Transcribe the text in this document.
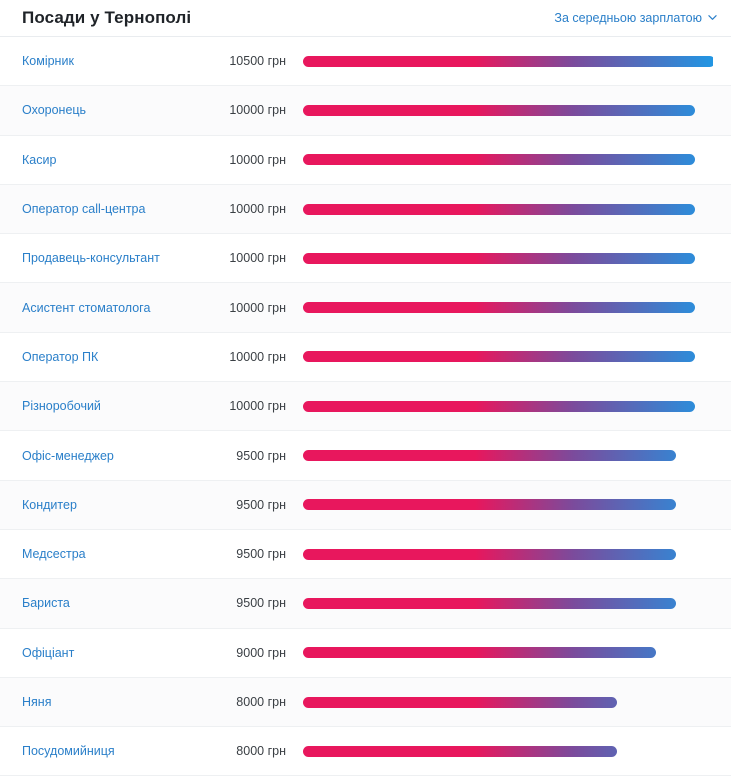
Посади у Тернополі	За середньою зарплатою
Комірник	10500 грн
Охоронець	10000 грн
Касир	10000 грн
Оператор call-центра	10000 грн
Продавець-консультант	10000 грн
Асистент стоматолога	10000 грн
Оператор ПК	10000 грн
Різноробочий	10000 грн
Офіс-менеджер	9500 грн
Кондитер	9500 грн
Медсестра	9500 грн
Бариста	9500 грн
Офіціант	9000 грн
Няня	8000 грн
Посудомийниця	8000 грн
